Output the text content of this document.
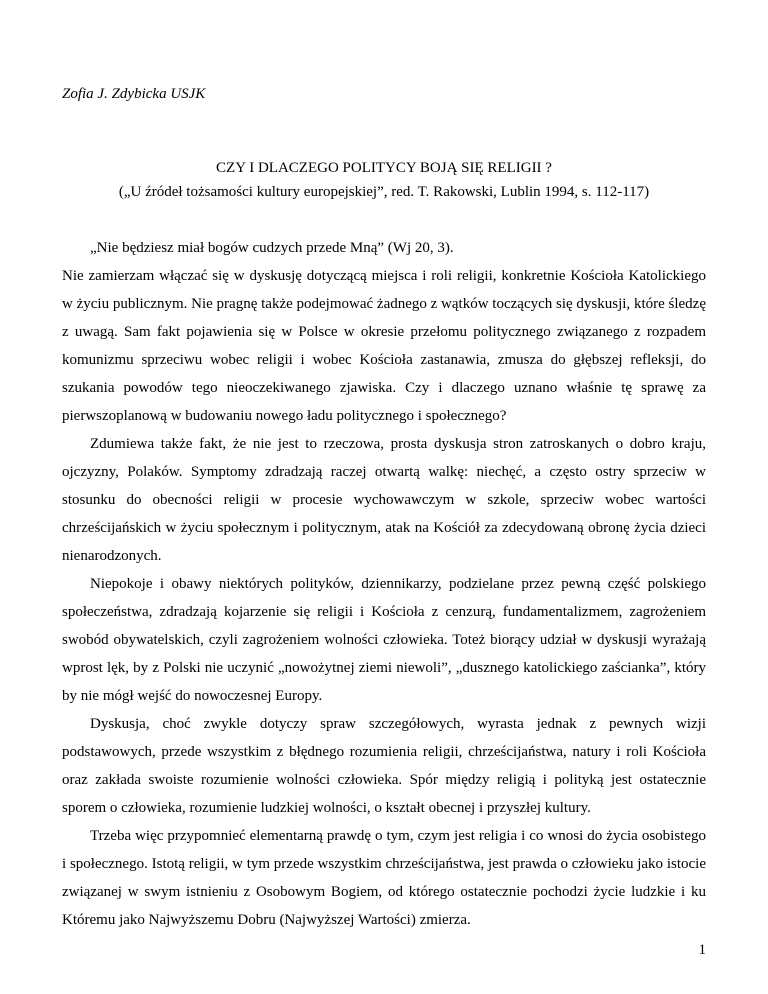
Zofia J. Zdybicka USJK
CZY I DLACZEGO POLITYCY BOJĄ SIĘ RELIGII ?
(„U źródeł tożsamości kultury europejskiej”, red. T. Rakowski, Lublin 1994, s. 112-117)

„Nie będziesz miał bogów cudzych przede Mną” (Wj 20, 3).

Nie zamierzam włączać się w dyskusję dotyczącą miejsca i roli religii, konkretnie Kościoła Katolickiego w życiu publicznym. Nie pragnę także podejmować żadnego z wątków toczących się dyskusji, które śledzę z uwagą. Sam fakt pojawienia się w Polsce w okresie przełomu politycznego związanego z rozpadem komunizmu sprzeciwu wobec religii i wobec Kościoła zastanawia, zmusza do głębszej refleksji, do szukania powodów tego nieoczekiwanego zjawiska. Czy i dlaczego uznano właśnie tę sprawę za pierwszoplanową w budowaniu nowego ładu politycznego i społecznego?

Zdumiewa także fakt, że nie jest to rzeczowa, prosta dyskusja stron zatroskanych o dobro kraju, ojczyzny, Polaków. Symptomy zdradzają raczej otwartą walkę: niechęć, a często ostry sprzeciw w stosunku do obecności religii w procesie wychowawczym w szkole, sprzeciw wobec wartości chrześcijańskich w życiu społecznym i politycznym, atak na Kościół za zdecydowaną obronę życia dzieci nienarodzonych.

Niepokoje i obawy niektórych polityków, dziennikarzy, podzielane przez pewną część polskiego społeczeństwa, zdradzają kojarzenie się religii i Kościoła z cenzurą, fundamentalizmem, zagrożeniem swobód obywatelskich, czyli zagrożeniem wolności człowieka. Toteż biorący udział w dyskusji wyrażają wprost lęk, by z Polski nie uczynić „nowożytnej ziemi niewoli”, „dusznego katolickiego zaścianka”, który by nie mógł wejść do nowoczesnej Europy.

Dyskusja, choć zwykle dotyczy spraw szczegółowych, wyrasta jednak z pewnych wizji podstawowych, przede wszystkim z błędnego rozumienia religii, chrześcijaństwa, natury i roli Kościoła oraz zakłada swoiste rozumienie wolności człowieka. Spór między religią i polityką jest ostatecznie sporem o człowieka, rozumienie ludzkiej wolności, o kształt obecnej i przyszłej kultury.

Trzeba więc przypomnieć elementarną prawdę o tym, czym jest religia i co wnosi do życia osobistego i społecznego. Istotą religii, w tym przede wszystkim chrześcijaństwa, jest prawda o człowieku jako istocie związanej w swym istnieniu z Osobowym Bogiem, od którego ostatecznie pochodzi życie ludzkie i ku Któremu jako Najwyższemu Dobru (Najwyższej Wartości) zmierza.

1
